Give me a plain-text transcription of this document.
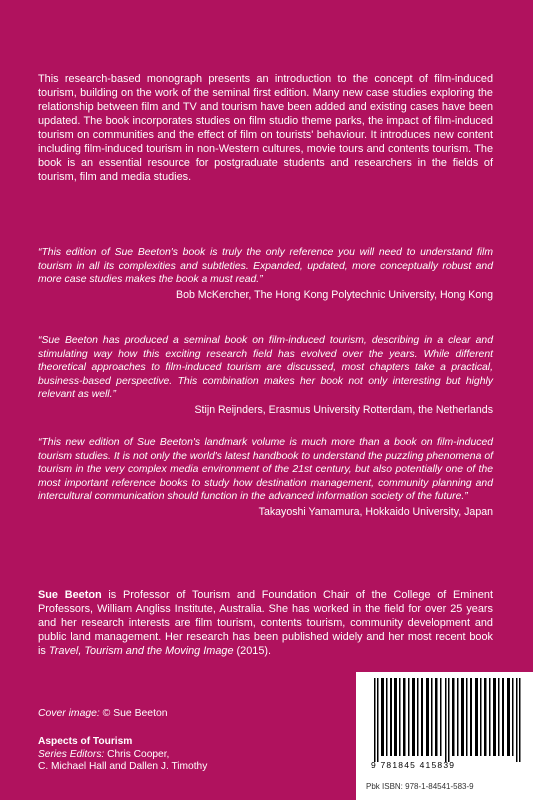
This research-based monograph presents an introduction to the concept of film-induced tourism, building on the work of the seminal first edition. Many new case studies exploring the relationship between film and TV and tourism have been added and existing cases have been updated. The book incorporates studies on film studio theme parks, the impact of film-induced tourism on communities and the effect of film on tourists' behaviour. It introduces new content including film-induced tourism in non-Western cultures, movie tours and contents tourism. The book is an essential resource for postgraduate students and researchers in the fields of tourism, film and media studies.

“This edition of Sue Beeton's book is truly the only reference you will need to understand film tourism in all its complexities and subtleties. Expanded, updated, more conceptually robust and more case studies makes the book a must read.”

Bob McKercher, The Hong Kong Polytechnic University, Hong Kong

“Sue Beeton has produced a seminal book on film-induced tourism, describing in a clear and stimulating way how this exciting research field has evolved over the years. While different theoretical approaches to film-induced tourism are discussed, most chapters take a practical, business-based perspective. This combination makes her book not only interesting but highly relevant as well.”

Stijn Reijnders, Erasmus University Rotterdam, the Netherlands

“This new edition of Sue Beeton's landmark volume is much more than a book on film-induced tourism studies. It is not only the world's latest handbook to understand the puzzling phenomena of tourism in the very complex media environment of the 21st century, but also potentially one of the most important reference books to study how destination management, community planning and intercultural communication should function in the advanced information society of the future.”

Takayoshi Yamamura, Hokkaido University, Japan

Sue Beeton is Professor of Tourism and Foundation Chair of the College of Eminent Professors, William Angliss Institute, Australia. She has worked in the field for over 25 years and her research interests are film tourism, contents tourism, community development and public land management. Her research has been published widely and her most recent book is Travel, Tourism and the Moving Image (2015).

Cover image: © Sue Beeton

Aspects of Tourism
Series Editors: Chris Cooper,
C. Michael Hall and Dallen J. Timothy	9 781845 415839
Pbk ISBN: 978-1-84541-583-9
